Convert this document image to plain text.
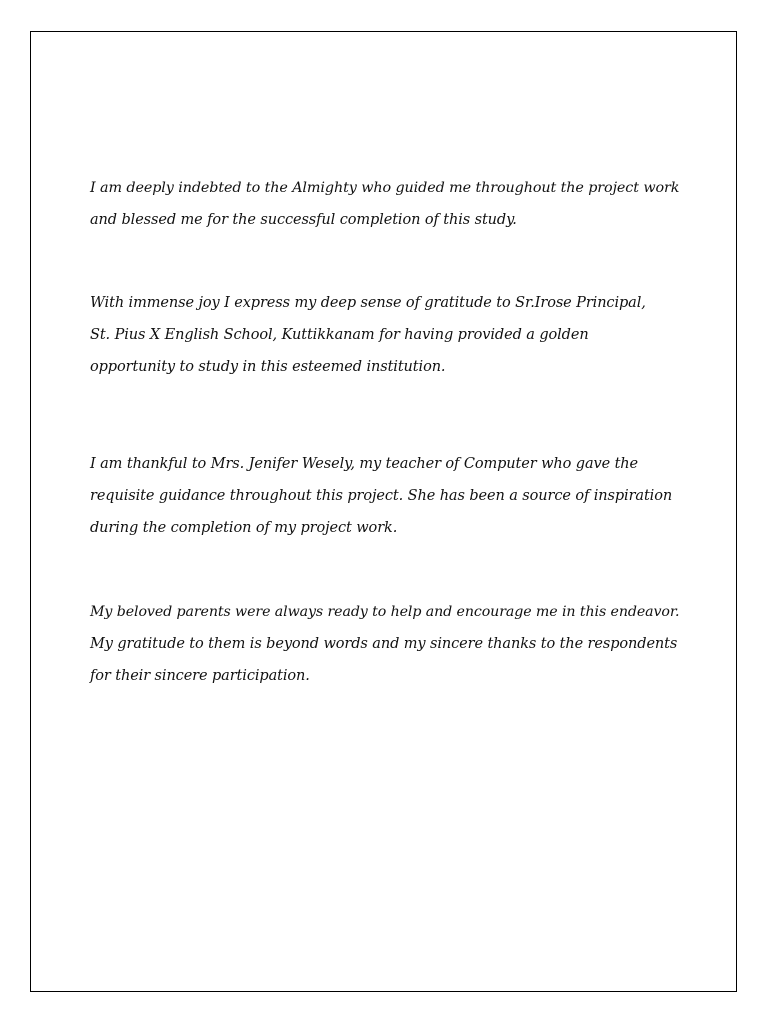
I am deeply indebted to the Almighty who guided me throughout the project work
and blessed me for the successful completion of this study.

With immense joy I express my deep sense of gratitude to Sr.Irose Principal,
St. Pius X English School, Kuttikkanam for having provided a golden
opportunity to study in this esteemed institution.

I am thankful to Mrs. Jenifer Wesely, my teacher of Computer who gave the
requisite guidance throughout this project. She has been a source of inspiration
during the completion of my project work.

My beloved parents were always ready to help and encourage me in this endeavor.
My gratitude to them is beyond words and my sincere thanks to the respondents
for their sincere participation.
